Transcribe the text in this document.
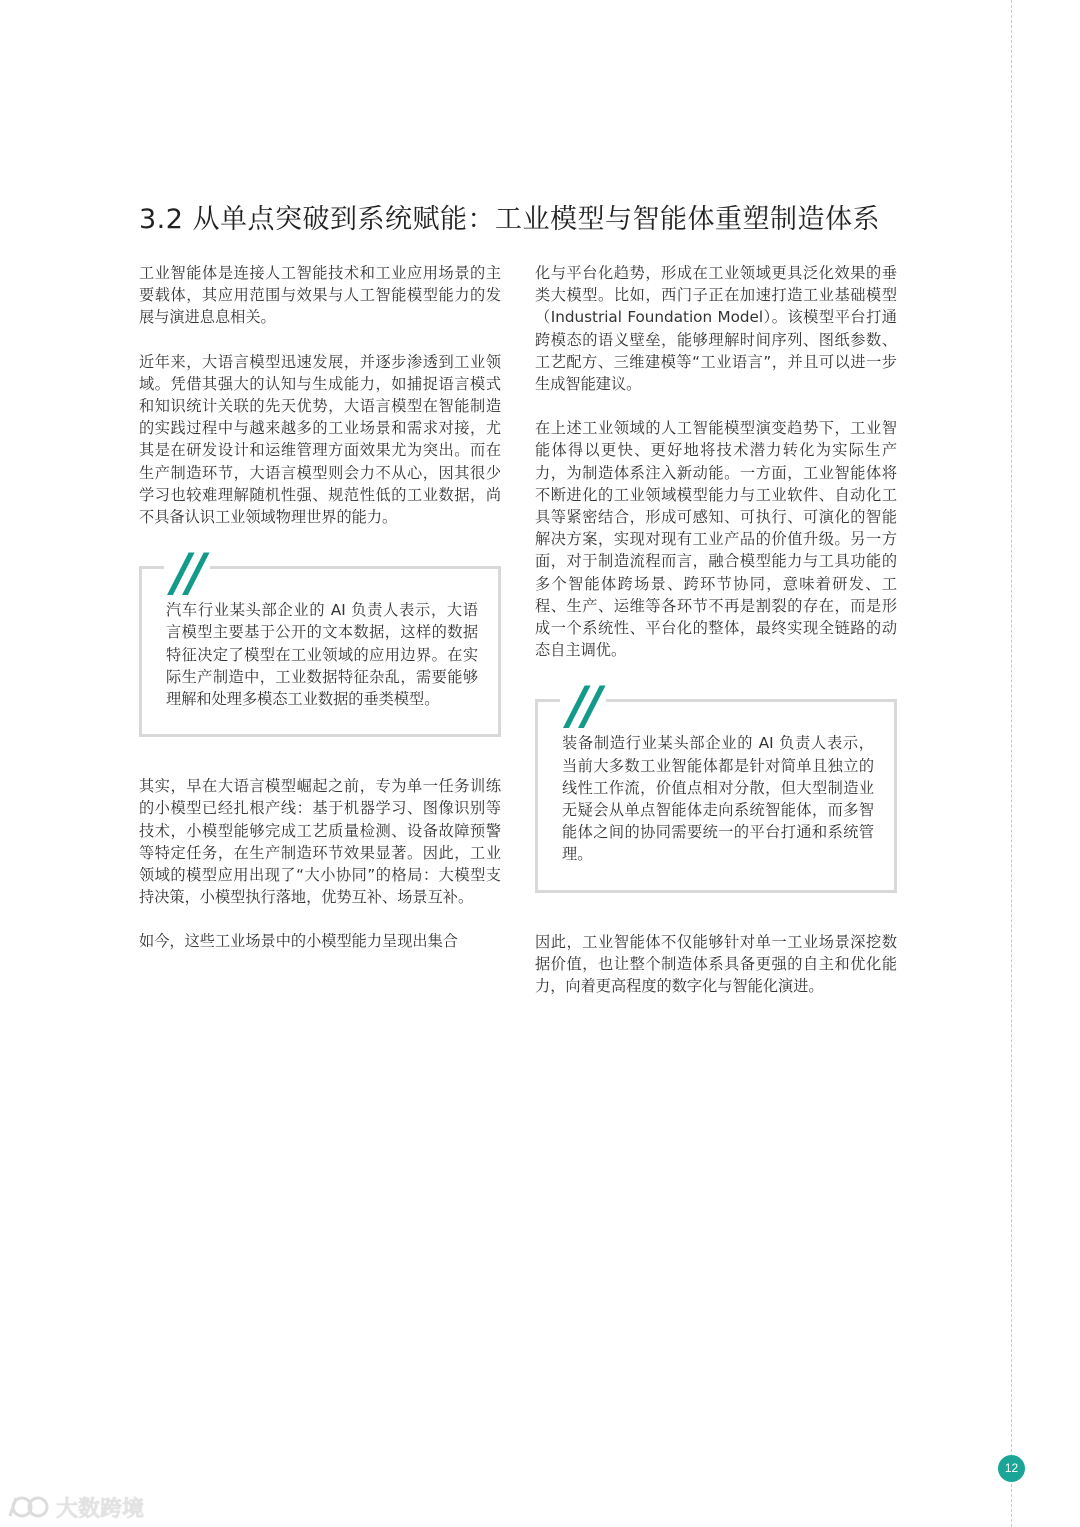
3.2 从单点突破到系统赋能：工业模型与智能体重塑制造体系

工业智能体是连接人工智能技术和工业应用场景的主要载体，其应用范围与效果与人工智能模型能力的发展与演进息息相关。

近年来，大语言模型迅速发展，并逐步渗透到工业领域。凭借其强大的认知与生成能力，如捕捉语言模式和知识统计关联的先天优势，大语言模型在智能制造的实践过程中与越来越多的工业场景和需求对接，尤其是在研发设计和运维管理方面效果尤为突出。而在生产制造环节，大语言模型则会力不从心，因其很少学习也较难理解随机性强、规范性低的工业数据，尚不具备认识工业领域物理世界的能力。

//

汽车行业某头部企业的 AI 负责人表示，大语言模型主要基于公开的文本数据，这样的数据特征决定了模型在工业领域的应用边界。在实际生产制造中，工业数据特征杂乱，需要能够理解和处理多模态工业数据的垂类模型。

其实，早在大语言模型崛起之前，专为单一任务训练的小模型已经扎根产线：基于机器学习、图像识别等技术，小模型能够完成工艺质量检测、设备故障预警等特定任务，在生产制造环节效果显著。因此，工业领域的模型应用出现了“大小协同”的格局：大模型支持决策，小模型执行落地，优势互补、场景互补。

如今，这些工业场景中的小模型能力呈现出集合

化与平台化趋势，形成在工业领域更具泛化效果的垂类大模型。比如，西门子正在加速打造工业基础模型（Industrial Foundation Model）。该模型平台打通跨模态的语义壁垒，能够理解时间序列、图纸参数、工艺配方、三维建模等“工业语言”，并且可以进一步生成智能建议。

在上述工业领域的人工智能模型演变趋势下，工业智能体得以更快、更好地将技术潜力转化为实际生产力，为制造体系注入新动能。一方面，工业智能体将不断进化的工业领域模型能力与工业软件、自动化工具等紧密结合，形成可感知、可执行、可演化的智能解决方案，实现对现有工业产品的价值升级。另一方面，对于制造流程而言，融合模型能力与工具功能的多个智能体跨场景、跨环节协同，意味着研发、工程、生产、运维等各环节不再是割裂的存在，而是形成一个系统性、平台化的整体，最终实现全链路的动态自主调优。

//

装备制造行业某头部企业的 AI 负责人表示，当前大多数工业智能体都是针对简单且独立的线性工作流，价值点相对分散，但大型制造业无疑会从单点智能体走向系统智能体，而多智能体之间的协同需要统一的平台打通和系统管理。

因此，工业智能体不仅能够针对单一工业场景深挖数据价值，也让整个制造体系具备更强的自主和优化能力，向着更高程度的数字化与智能化演进。

12
大数跨境
